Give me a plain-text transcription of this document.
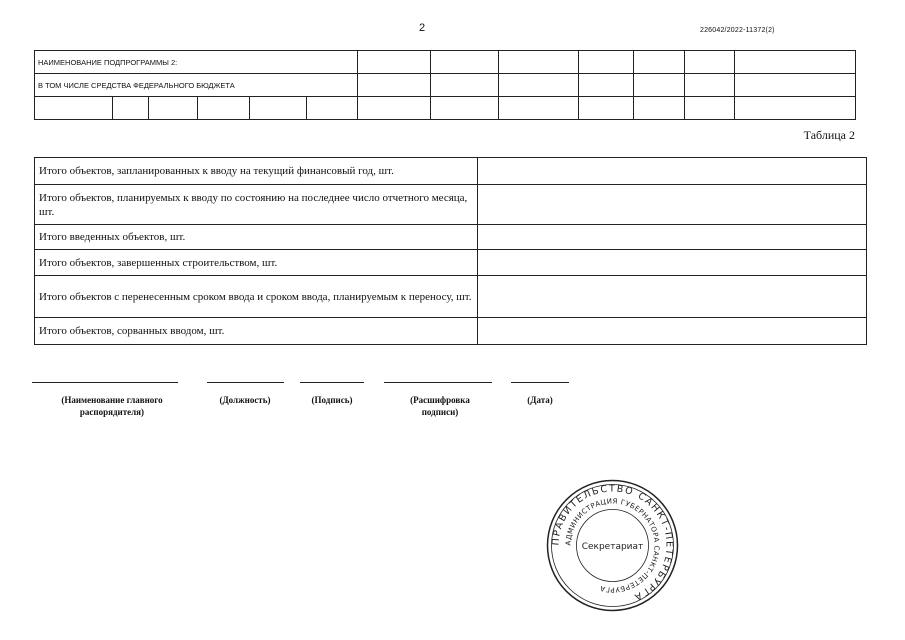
2	226042/2022-11372(2)
НАИМЕНОВАНИЕ ПОДПРОГРАММЫ 2:												
В ТОМ ЧИСЛЕ СРЕДСТВА ФЕДЕРАЛЬНОГО БЮДЖЕТА												

Таблица 2
Итого объектов, запланированных к вводу на текущий финансовый год, шт.	
Итого объектов, планируемых к вводу по состоянию на последнее число отчетного месяца, шт.	
Итого введенных объектов, шт.	
Итого объектов, завершенных строительством, шт.	
Итого объектов с перенесенным сроком ввода и сроком ввода, планируемым к переносу, шт.	
Итого объектов, сорванных вводом, шт.	
(Наименование главного распорядителя)
(Должность)	(Подпись)	(Расшифровка подписи)
(Дата)
ПРАВИТЕЛЬСТВО САНКТ-ПЕТЕРБУРГА
АДМИНИСТРАЦИЯ ГУБЕРНАТОРА САНКТ-ПЕТЕРБУРГА
Секретариат
